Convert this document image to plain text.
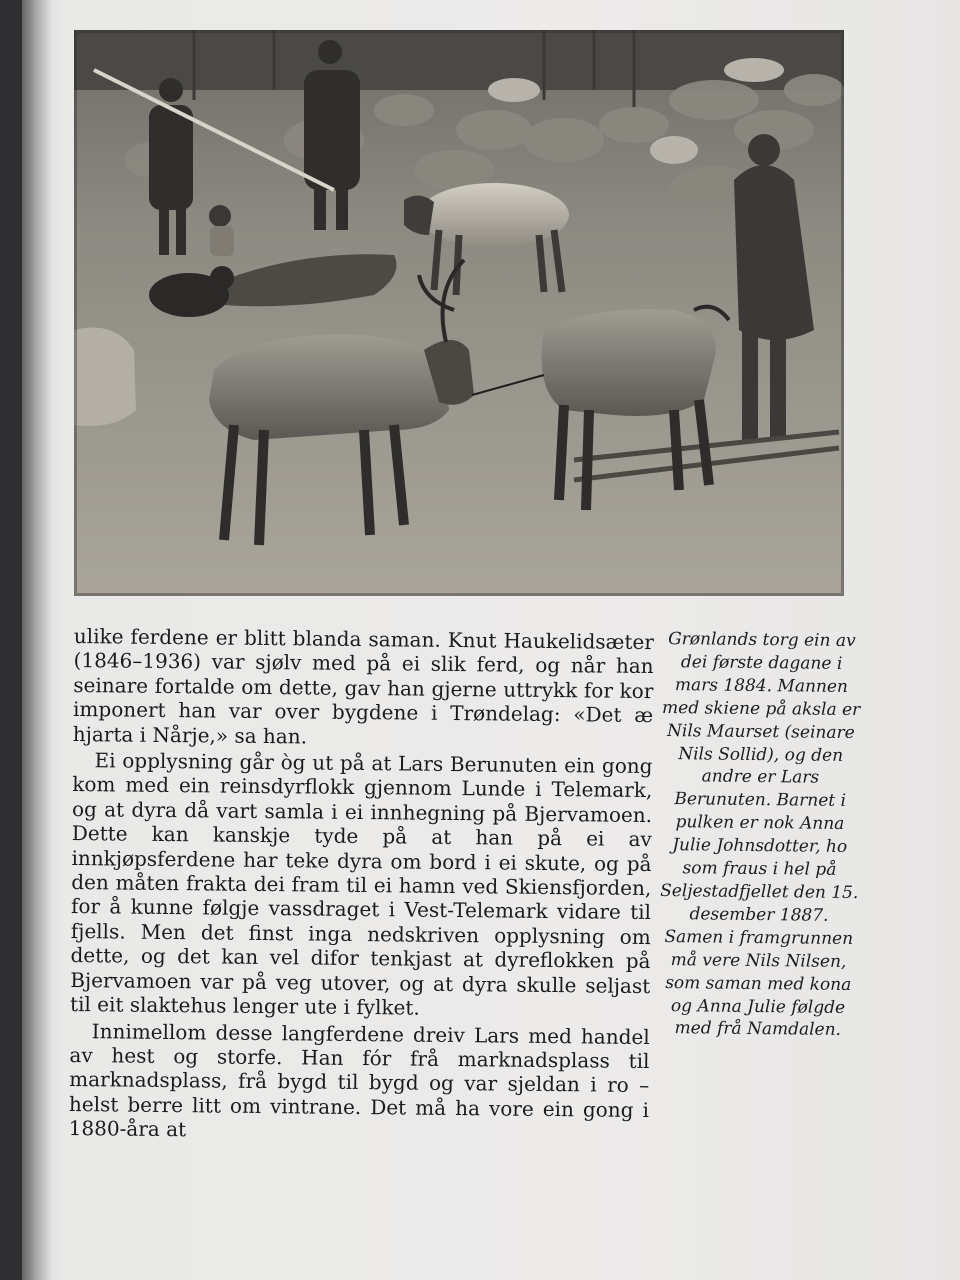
ulike ferdene er blitt blanda saman. Knut Haukelidsæter (1846–1936) var sjølv med på ei slik ferd, og når han seinare fortalde om dette, gav han gjerne uttrykk for kor imponert han var over bygdene i Trøndelag: «Det æ hjarta i Nårje,» sa han.

Ei opplysning går òg ut på at Lars Berunuten ein gong kom med ein reinsdyrflokk gjennom Lunde i Telemark, og at dyra då vart samla i ei innhegning på Bjervamoen. Dette kan kanskje tyde på at han på ei av innkjøpsferdene har teke dyra om bord i ei skute, og på den måten frakta dei fram til ei hamn ved Skiensfjorden, for å kunne følgje vassdraget i Vest-Telemark vidare til fjells. Men det finst inga nedskriven opplysning om dette, og det kan vel difor tenkjast at dyreflokken på Bjervamoen var på veg utover, og at dyra skulle seljast til eit slaktehus lenger ute i fylket.

Innimellom desse langferdene dreiv Lars med handel av hest og storfe. Han fór frå marknadsplass til marknadsplass, frå bygd til bygd og var sjeldan i ro – helst berre litt om vintrane. Det må ha vore ein gong i 1880-åra at

Grønlands torg ein av dei første dagane i mars 1884. Mannen med skiene på aksla er Nils Maurset (seinare Nils Sollid), og den andre er Lars Berunuten. Barnet i pulken er nok Anna Julie Johnsdotter, ho som fraus i hel på Seljestadfjellet den 15. desember 1887. Samen i framgrunnen må vere Nils Nilsen, som saman med kona og Anna Julie følgde med frå Namdalen.
